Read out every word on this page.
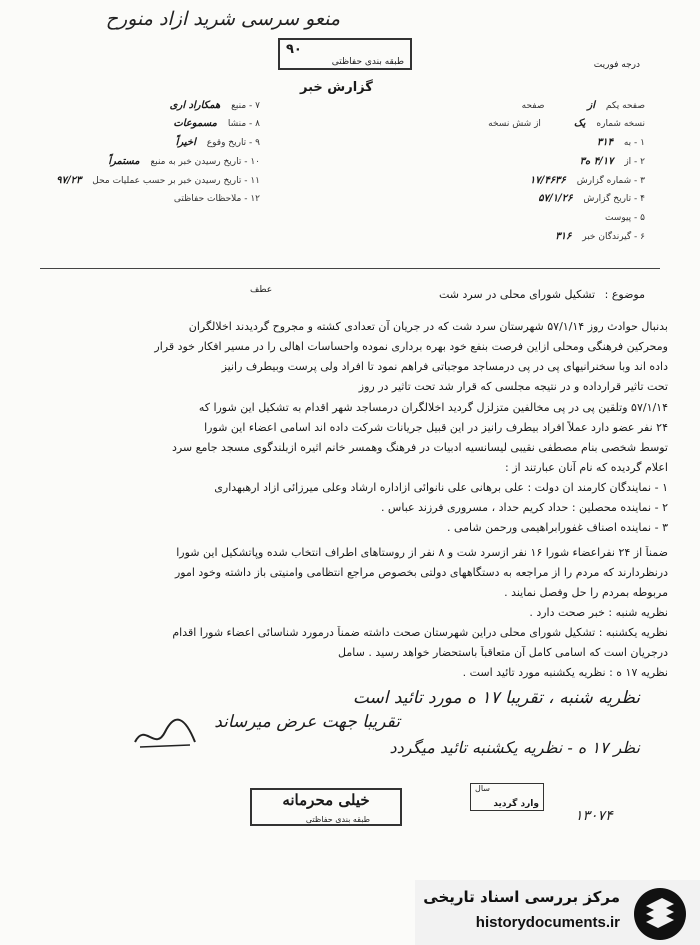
منعو سرسی شرید ازاد منورح
۹۰
طبقه بندی حفاظتی	درجه فوریت
گزارش خبر
۷ - منبع همکاراد ارى
۸ - منشا مسموعات
۹ - تاریخ وقوع اخیراً
۱۰ - تاریخ رسیدن خبر به منبع مستمراً
۱۱ - تاریخ رسیدن خبر بر حسب عملیات محل ۹۷/۲۳
۱۲ - ملاحظات حفاظتی
صفحه یکم از صفحه
نسخه شماره یک از شش نسخه
۱ - به ۳۱۴
۲ - از ۴/۱۷ ه۳
۳ - شماره گزارش ۱۷/۴۶۳۶
۴ - تاریخ گزارش ۵۷/۱/۲۶
۵ - پیوست
۶ - گیرندگان خبر ۳۱۶
موضوع : تشکیل شورای محلی در سرد شت
عطف
بدنبال حوادث روز ۵۷/۱/۱۴ شهرستان سرد شت که در جریان آن تعدادی کشته و مجروح گردیدند اخلالگران
ومحرکین فرهنگی ومحلی ازاین فرصت بنفع خود بهره برداری نموده واحساسات اهالی را در مسیر افکار خود قرار
داده اند وبا سخنرانیهای پی در پی درمساجد موجباتی فراهم نمود تا افراد ولی پرست وبیطرف رانیز
تحت تاثیر قرارداده و در نتیجه مجلسی که قرار شد تحت تاثیر در روز
۵۷/۱/۱۴ وتلقین پی در پی مخالفین متزلزل گردید اخلالگران درمساجد شهر اقدام به تشکیل این شورا که
۲۴ نفر عضو دارد عملاً افراد بیطرف رانیز در این قبیل جریانات شرکت داده اند اسامی اعضاء این شورا
توسط شخصی بنام مصطفی نقیبی لیسانسیه ادبیات در فرهنگ وهمسر خانم اثیره ازبلندگوی مسجد جامع سرد
اعلام گردیده که نام آنان عبارتند از :
۱ - نمایندگان کارمند ان دولت : علی برهانی علی نانوائی ازاداره ارشاد وعلی میرزائی ازاد ارهبهداری
۲ - نماینده محصلین : حداد کریم حداد ، مسروری فرزند عباس .
۳ - نماینده اصناف غفورابراهیمی ورحمن شامی .
ضمناً از ۲۴ نفراعضاء شورا ۱۶ نفر ازسرد شت و ۸ نفر از روستاهای اطراف انتخاب شده وپاتشکیل این شورا
درنظردارند که مردم را از مراجعه به دستگاههای دولتی بخصوص مراجع انتظامی وامنیتی باز داشته وخود امور
مربوطه بمردم را حل وفصل نمایند .
نظریه شنبه : خبر صحت دارد .
نظریه یکشنبه : تشکیل شورای محلی دراین شهرستان صحت داشته ضمناً درمورد شناسائی اعضاء شورا اقدام
درجریان است که اسامی کامل آن متعاقباً باستحضار خواهد رسید . سامل
نظریه ۱۷ ه : نظریه یکشنبه مورد تائید است .
نظریه شنبه ، تقریبا ۱۷ ه مورد تائید است
تقریبا جهت عرض میرساند
نظر ۱۷ ه - نظریه یکشنبه تائید میگردد
خیلی محرمانه
طبقه بندی حفاظتی
سال
وارد گردید
۱۳۰۷۴
مرکز بررسی اسناد تاریخی
historydocuments.ir
